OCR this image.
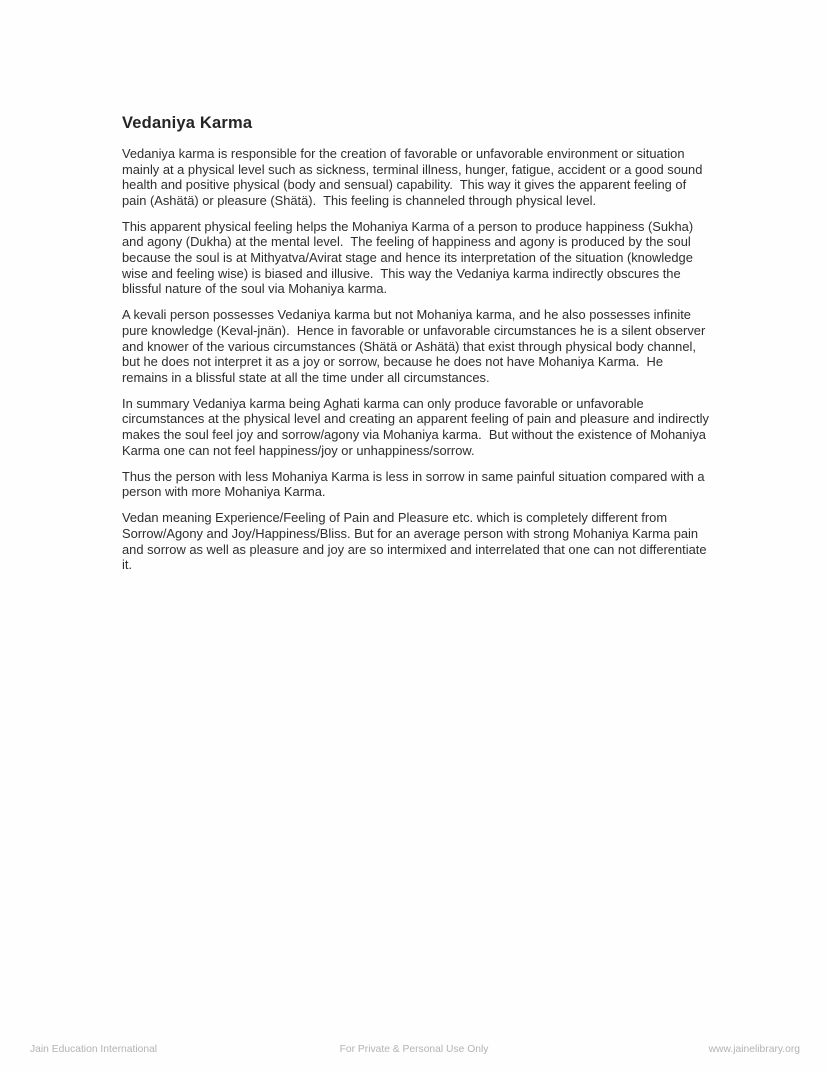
Vedaniya Karma

Vedaniya karma is responsible for the creation of favorable or unfavorable environment or situation mainly at a physical level such as sickness, terminal illness, hunger, fatigue, accident or a good sound health and positive physical (body and sensual) capability.  This way it gives the apparent feeling of pain (Ashätä) or pleasure (Shätä).  This feeling is channeled through physical level.

This apparent physical feeling helps the Mohaniya Karma of a person to produce happiness (Sukha) and agony (Dukha) at the mental level.  The feeling of happiness and agony is produced by the soul because the soul is at Mithyatva/Avirat stage and hence its interpretation of the situation (knowledge wise and feeling wise) is biased and illusive.  This way the Vedaniya karma indirectly obscures the blissful nature of the soul via Mohaniya karma.

A kevali person possesses Vedaniya karma but not Mohaniya karma, and he also possesses infinite pure knowledge (Keval-jnän).  Hence in favorable or unfavorable circumstances he is a silent observer and knower of the various circumstances (Shätä or Ashätä) that exist through physical body channel, but he does not interpret it as a joy or sorrow, because he does not have Mohaniya Karma.  He remains in a blissful state at all the time under all circumstances.

In summary Vedaniya karma being Aghati karma can only produce favorable or unfavorable circumstances at the physical level and creating an apparent feeling of pain and pleasure and indirectly makes the soul feel joy and sorrow/agony via Mohaniya karma.  But without the existence of Mohaniya Karma one can not feel happiness/joy or unhappiness/sorrow.

Thus the person with less Mohaniya Karma is less in sorrow in same painful situation compared with a person with more Mohaniya Karma.

Vedan meaning Experience/Feeling of Pain and Pleasure etc. which is completely different from Sorrow/Agony and Joy/Happiness/Bliss. But for an average person with strong Mohaniya Karma pain and sorrow as well as pleasure and joy are so intermixed and interrelated that one can not differentiate it.

Jain Education International	For Private & Personal Use Only	www.jainelibrary.org
